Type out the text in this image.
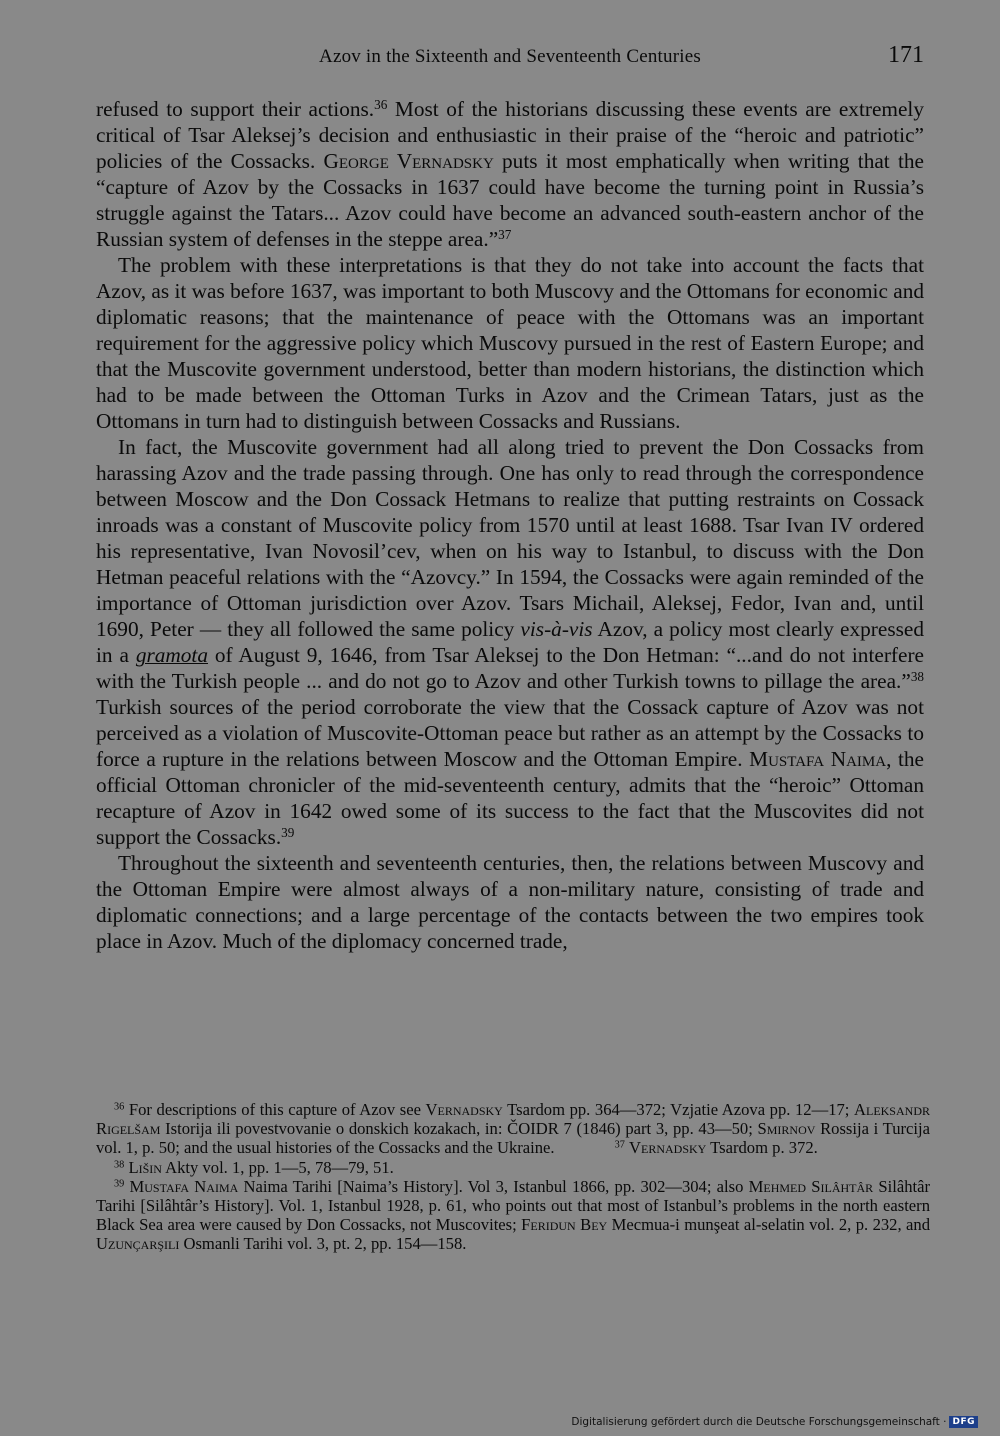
Azov in the Sixteenth and Seventeenth Centuries	171

refused to support their actions.$^{36}$ Most of the historians discussing these events are extremely critical of Tsar Aleksej’s decision and enthusiastic in their praise of the “heroic and patriotic” policies of the Cossacks. George Vernadsky puts it most emphatically when writing that the “capture of Azov by the Cossacks in 1637 could have become the turning point in Russia’s struggle against the Tatars... Azov could have become an advanced south-eastern anchor of the Russian system of defenses in the steppe area.”$^{37}$

The problem with these interpretations is that they do not take into account the facts that Azov, as it was before 1637, was important to both Muscovy and the Ottomans for economic and diplomatic reasons; that the maintenance of peace with the Ottomans was an important requirement for the aggressive policy which Muscovy pursued in the rest of Eastern Europe; and that the Muscovite government understood, better than modern historians, the distinction which had to be made between the Ottoman Turks in Azov and the Crimean Tatars, just as the Ottomans in turn had to distinguish between Cossacks and Russians.

In fact, the Muscovite government had all along tried to prevent the Don Cossacks from harassing Azov and the trade passing through. One has only to read through the correspondence between Moscow and the Don Cossack Hetmans to realize that putting restraints on Cossack inroads was a constant of Muscovite policy from 1570 until at least 1688. Tsar Ivan IV ordered his representative, Ivan Novosil’cev, when on his way to Istanbul, to discuss with the Don Hetman peaceful relations with the “Azovcy.” In 1594, the Cossacks were again reminded of the importance of Ottoman jurisdiction over Azov. Tsars Michail, Aleksej, Fedor, Ivan and, until 1690, Peter — they all followed the same policy vis-à-vis Azov, a policy most clearly expressed in a gramota of August 9, 1646, from Tsar Aleksej to the Don Hetman: “...and do not interfere with the Turkish people ... and do not go to Azov and other Turkish towns to pillage the area.”$^{38}$ Turkish sources of the period corroborate the view that the Cossack capture of Azov was not perceived as a violation of Muscovite-Ottoman peace but rather as an attempt by the Cossacks to force a rupture in the relations between Moscow and the Ottoman Empire. Mustafa Naima, the official Ottoman chronicler of the mid-seventeenth century, admits that the “heroic” Ottoman recapture of Azov in 1642 owed some of its success to the fact that the Muscovites did not support the Cossacks.$^{39}$

Throughout the sixteenth and seventeenth centuries, then, the relations between Muscovy and the Ottoman Empire were almost always of a non-military nature, consisting of trade and diplomatic connections; and a large percentage of the contacts between the two empires took place in Azov. Much of the diplomacy concerned trade,

$^{36}$ For descriptions of this capture of Azov see Vernadsky Tsardom pp. 364—372; Vzjatie Azova pp. 12—17; Aleksandr Rigelšam Istorija ili povestvovanie o donskich kozakach, in: ČOIDR 7 (1846) part 3, pp. 43—50; Smirnov Rossija i Turcija vol. 1, p. 50; and the usual histories of the Cossacks and the Ukraine.	$^{37}$ Vernadsky Tsardom p. 372.

$^{38}$ Lišin Akty vol. 1, pp. 1—5, 78—79, 51.

$^{39}$ Mustafa Naima Naima Tarihi [Naima’s History]. Vol 3, Istanbul 1866, pp. 302—304; also Mehmed Silâhtâr Silâhtâr Tarihi [Silâhtâr’s History]. Vol. 1, Istanbul 1928, p. 61, who points out that most of Istanbul’s problems in the north eastern Black Sea area were caused by Don Cossacks, not Muscovites; Feridun Bey Mecmua-i munşeat al-selatin vol. 2, p. 232, and Uzunçarşili Osmanli Tarihi vol. 3, pt. 2, pp. 154—158.

Digitalisierung gefördert durch die Deutsche Forschungsgemeinschaft · DFG
